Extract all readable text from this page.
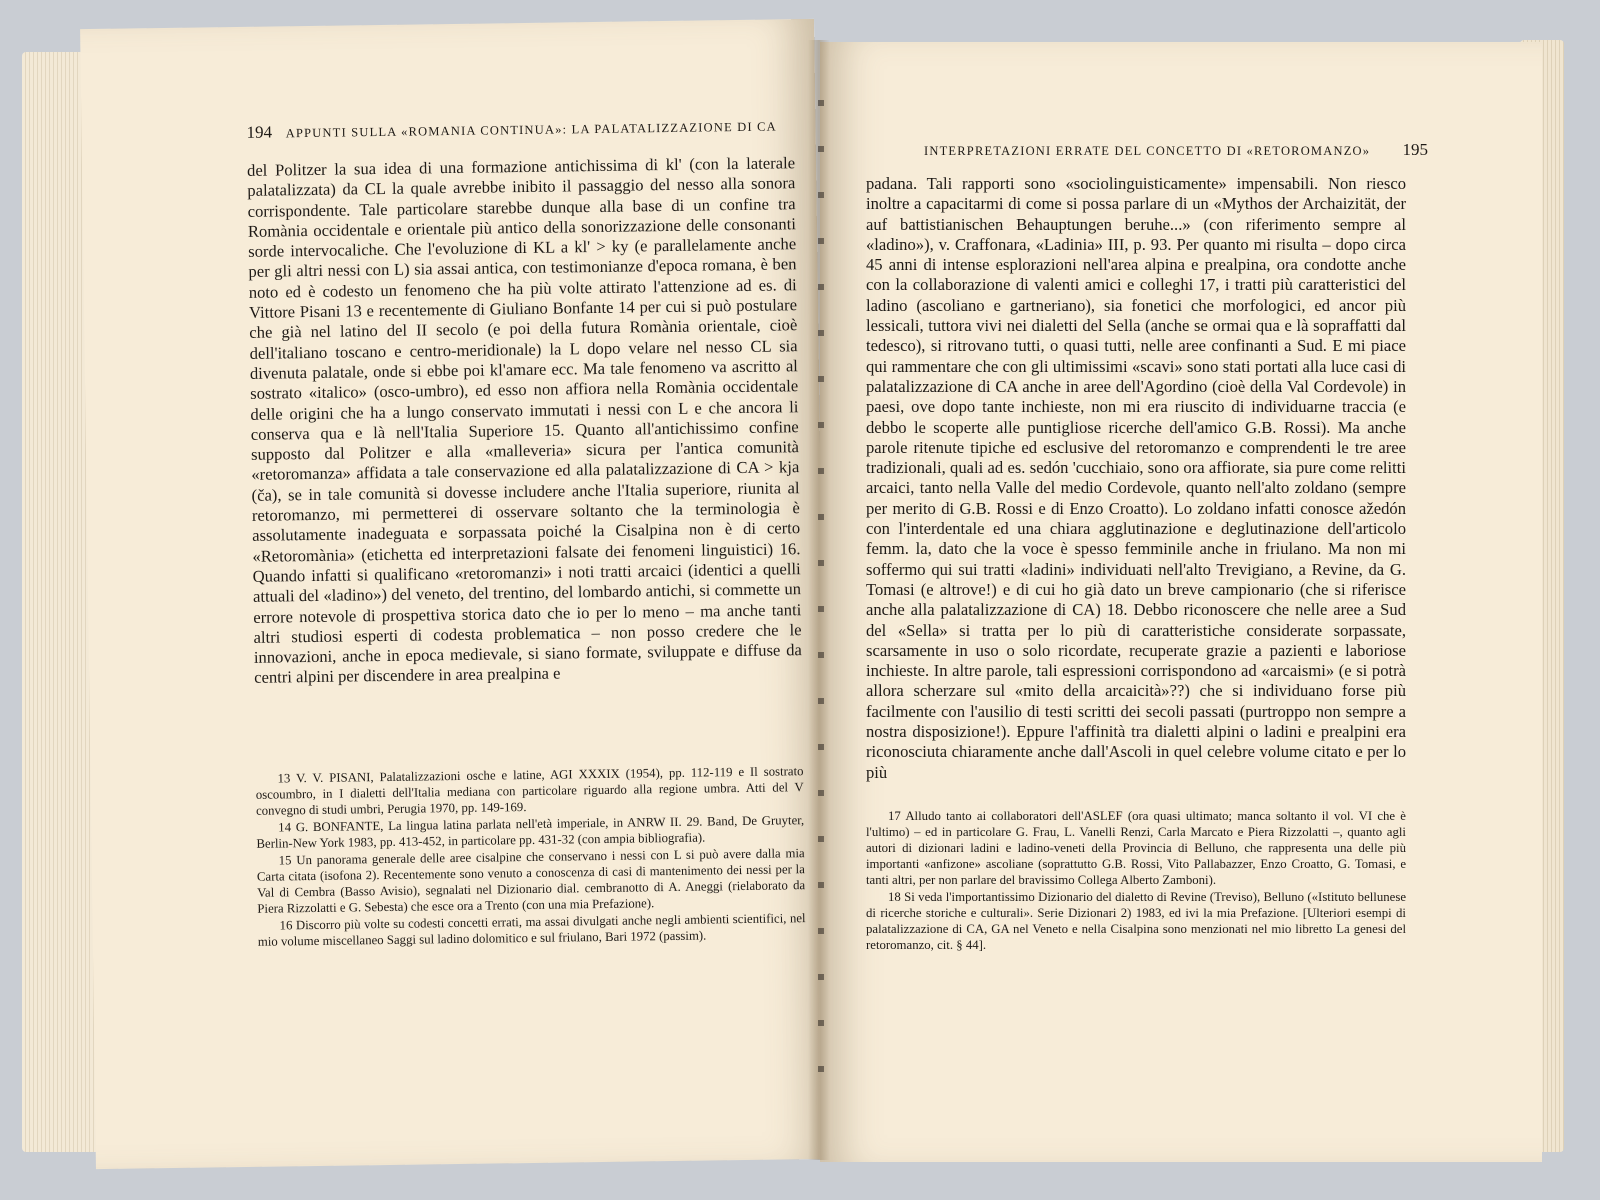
194 APPUNTI SULLA «ROMANIA CONTINUA»: LA PALATALIZZAZIONE DI CA

del Politzer la sua idea di una formazione antichissima di kl' (con la laterale palatalizzata) da CL la quale avrebbe inibito il passaggio del nesso alla sonora corrispondente. Tale particolare starebbe dunque alla base di un confine tra Romània occidentale e orientale più antico della sonorizzazione delle consonanti sorde intervocaliche. Che l'evoluzione di KL a kl' > ky (e parallelamente anche per gli altri nessi con L) sia assai antica, con testimonianze d'epoca romana, è ben noto ed è codesto un fenomeno che ha più volte attirato l'attenzione ad es. di Vittore Pisani 13 e recentemente di Giuliano Bonfante 14 per cui si può postulare che già nel latino del II secolo (e poi della futura Romània orientale, cioè dell'italiano toscano e centro-meridionale) la L dopo velare nel nesso CL sia divenuta palatale, onde si ebbe poi kl'amare ecc. Ma tale fenomeno va ascritto al sostrato «italico» (osco-umbro), ed esso non affiora nella Romània occidentale delle origini che ha a lungo conservato immutati i nessi con L e che ancora li conserva qua e là nell'Italia Superiore 15. Quanto all'antichissimo confine supposto dal Politzer e alla «malleveria» sicura per l'antica comunità «retoromanza» affidata a tale conservazione ed alla palatalizzazione di CA > kja (ča), se in tale comunità si dovesse includere anche l'Italia superiore, riunita al retoromanzo, mi permetterei di osservare soltanto che la terminologia è assolutamente inadeguata e sorpassata poiché la Cisalpina non è di certo «Retoromània» (etichetta ed interpretazioni falsate dei fenomeni linguistici) 16. Quando infatti si qualificano «retoromanzi» i noti tratti arcaici (identici a quelli attuali del «ladino») del veneto, del trentino, del lombardo antichi, si commette un errore notevole di prospettiva storica dato che io per lo meno – ma anche tanti altri studiosi esperti di codesta problematica – non posso credere che le innovazioni, anche in epoca medievale, si siano formate, sviluppate e diffuse da centri alpini per discendere in area prealpina e

13 V. V. PISANI, Palatalizzazioni osche e latine, AGI XXXIX (1954), pp. 112-119 e Il sostrato oscoumbro, in I dialetti dell'Italia mediana con particolare riguardo alla regione umbra. Atti del V convegno di studi umbri, Perugia 1970, pp. 149-169.

14 G. BONFANTE, La lingua latina parlata nell'età imperiale, in ANRW II. 29. Band, De Gruyter, Berlin-New York 1983, pp. 413-452, in particolare pp. 431-32 (con ampia bibliografia).

15 Un panorama generale delle aree cisalpine che conservano i nessi con L si può avere dalla mia Carta citata (isofona 2). Recentemente sono venuto a conoscenza di casi di mantenimento dei nessi per la Val di Cembra (Basso Avisio), segnalati nel Dizionario dial. cembranotto di A. Aneggi (rielaborato da Piera Rizzolatti e G. Sebesta) che esce ora a Trento (con una mia Prefazione).

16 Discorro più volte su codesti concetti errati, ma assai divulgati anche negli ambienti scientifici, nel mio volume miscellaneo Saggi sul ladino dolomitico e sul friulano, Bari 1972 (passim).

INTERPRETAZIONI ERRATE DEL CONCETTO DI «RETOROMANZO» 195

padana. Tali rapporti sono «sociolinguisticamente» impensabili. Non riesco inoltre a capacitarmi di come si possa parlare di un «Mythos der Archaizität, der auf battistianischen Behauptungen beruhe...» (con riferimento sempre al «ladino»), v. Craffonara, «Ladinia» III, p. 93. Per quanto mi risulta – dopo circa 45 anni di intense esplorazioni nell'area alpina e prealpina, ora condotte anche con la collaborazione di valenti amici e colleghi 17, i tratti più caratteristici del ladino (ascoliano e gartneriano), sia fonetici che morfologici, ed ancor più lessicali, tuttora vivi nei dialetti del Sella (anche se ormai qua e là sopraffatti dal tedesco), si ritrovano tutti, o quasi tutti, nelle aree confinanti a Sud. E mi piace qui rammentare che con gli ultimissimi «scavi» sono stati portati alla luce casi di palatalizzazione di CA anche in aree dell'Agordino (cioè della Val Cordevole) in paesi, ove dopo tante inchieste, non mi era riuscito di individuarne traccia (e debbo le scoperte alle puntigliose ricerche dell'amico G.B. Rossi). Ma anche parole ritenute tipiche ed esclusive del retoromanzo e comprendenti le tre aree tradizionali, quali ad es. sedón 'cucchiaio, sono ora affiorate, sia pure come relitti arcaici, tanto nella Valle del medio Cordevole, quanto nell'alto zoldano (sempre per merito di G.B. Rossi e di Enzo Croatto). Lo zoldano infatti conosce ažedón con l'interdentale ed una chiara agglutinazione e deglutinazione dell'articolo femm. la, dato che la voce è spesso femminile anche in friulano. Ma non mi soffermo qui sui tratti «ladini» individuati nell'alto Trevigiano, a Revine, da G. Tomasi (e altrove!) e di cui ho già dato un breve campionario (che si riferisce anche alla palatalizzazione di CA) 18. Debbo riconoscere che nelle aree a Sud del «Sella» si tratta per lo più di caratteristiche considerate sorpassate, scarsamente in uso o solo ricordate, recuperate grazie a pazienti e laboriose inchieste. In altre parole, tali espressioni corrispondono ad «arcaismi» (e si potrà allora scherzare sul «mito della arcaicità»??) che si individuano forse più facilmente con l'ausilio di testi scritti dei secoli passati (purtroppo non sempre a nostra disposizione!). Eppure l'affinità tra dialetti alpini o ladini e prealpini era riconosciuta chiaramente anche dall'Ascoli in quel celebre volume citato e per lo più

17 Alludo tanto ai collaboratori dell'ASLEF (ora quasi ultimato; manca soltanto il vol. VI che è l'ultimo) – ed in particolare G. Frau, L. Vanelli Renzi, Carla Marcato e Piera Rizzolatti –, quanto agli autori di dizionari ladini e ladino-veneti della Provincia di Belluno, che rappresenta una delle più importanti «anfizone» ascoliane (soprattutto G.B. Rossi, Vito Pallabazzer, Enzo Croatto, G. Tomasi, e tanti altri, per non parlare del bravissimo Collega Alberto Zamboni).

18 Si veda l'importantissimo Dizionario del dialetto di Revine (Treviso), Belluno («Istituto bellunese di ricerche storiche e culturali». Serie Dizionari 2) 1983, ed ivi la mia Prefazione. [Ulteriori esempi di palatalizzazione di CA, GA nel Veneto e nella Cisalpina sono menzionati nel mio libretto La genesi del retoromanzo, cit. § 44].
